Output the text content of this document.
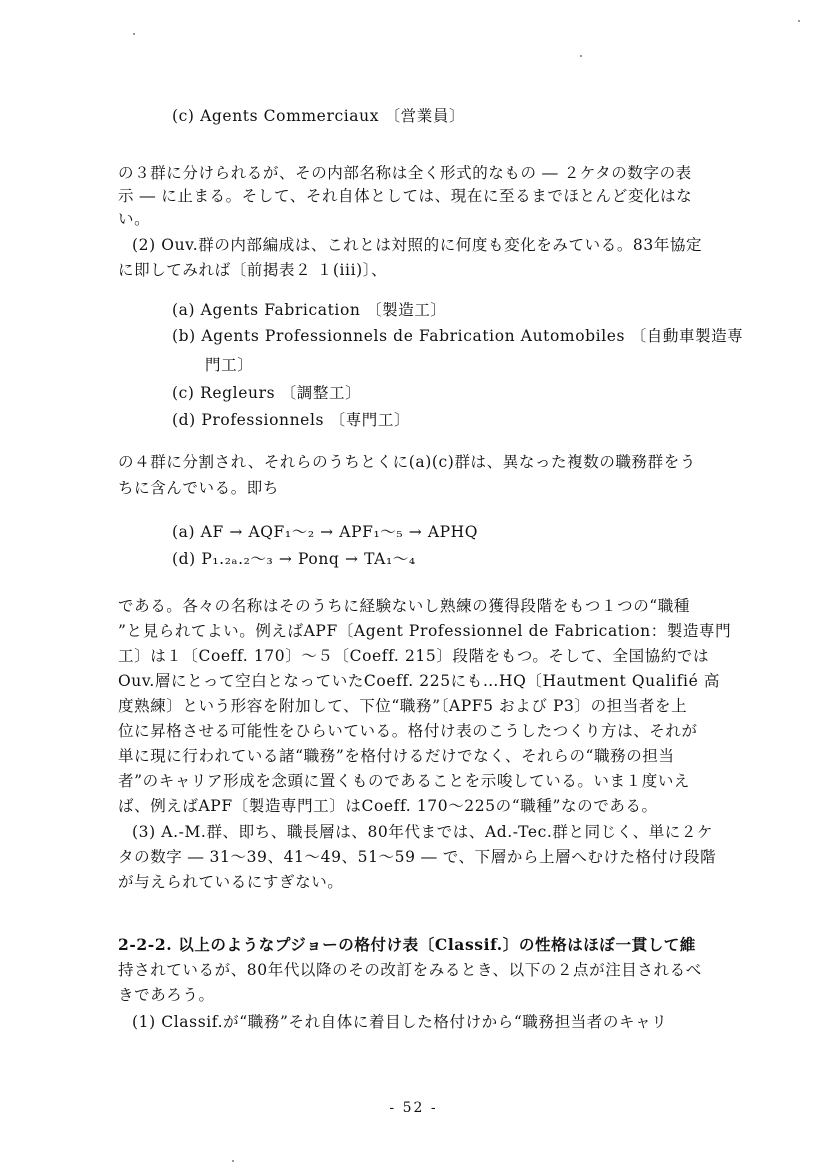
(c) Agents Commerciaux 〔営業員〕
の３群に分けられるが、その内部名称は全く形式的なもの ― ２ケタの数字の表
示 ― に止まる。そして、それ自体としては、現在に至るまでほとんど変化はな
い。
(2) Ouv.群の内部編成は、これとは対照的に何度も変化をみている。83年協定
に即してみれば〔前掲表２ １(iii)〕、
(a) Agents Fabrication 〔製造工〕
(b) Agents Professionnels de Fabrication Automobiles 〔自動車製造専
門工〕
(c) Regleurs 〔調整工〕
(d) Professionnels 〔専門工〕
の４群に分割され、それらのうちとくに(a)(c)群は、異なった複数の職務群をう
ちに含んでいる。即ち
(a) AF → AQF₁〜₂ → APF₁〜₅ → APHQ
(d) P₁.₂ₐ.₂〜₃ → Ponq → TA₁〜₄
である。各々の名称はそのうちに経験ないし熟練の獲得段階をもつ１つの“職種
”と見られてよい。例えばAPF〔Agent Professionnel de Fabrication：製造専門
工〕は１〔Coeff. 170〕〜５〔Coeff. 215〕段階をもつ。そして、全国協約では
Ouv.層にとって空白となっていたCoeff. 225にも…HQ〔Hautment Qualifié 高
度熟練〕という形容を附加して、下位“職務”〔APF5 および P3〕の担当者を上
位に昇格させる可能性をひらいている。格付け表のこうしたつくり方は、それが
単に現に行われている諸“職務”を格付けるだけでなく、それらの“職務の担当
者”のキャリア形成を念頭に置くものであることを示唆している。いま１度いえ
ば、例えばAPF〔製造専門工〕はCoeff. 170〜225の“職種”なのである。
(3) A.-M.群、即ち、職長層は、80年代までは、Ad.-Tec.群と同じく、単に２ケ
タの数字 ― 31〜39、41〜49、51〜59 ― で、下層から上層へむけた格付け段階
が与えられているにすぎない。
2-2-2. 以上のようなプジョーの格付け表〔Classif.〕の性格はほぼ一貫して維
持されているが、80年代以降のその改訂をみるとき、以下の２点が注目されるべ
きであろう。
(1) Classif.が“職務”それ自体に着目した格付けから“職務担当者のキャリ
- 52 -
